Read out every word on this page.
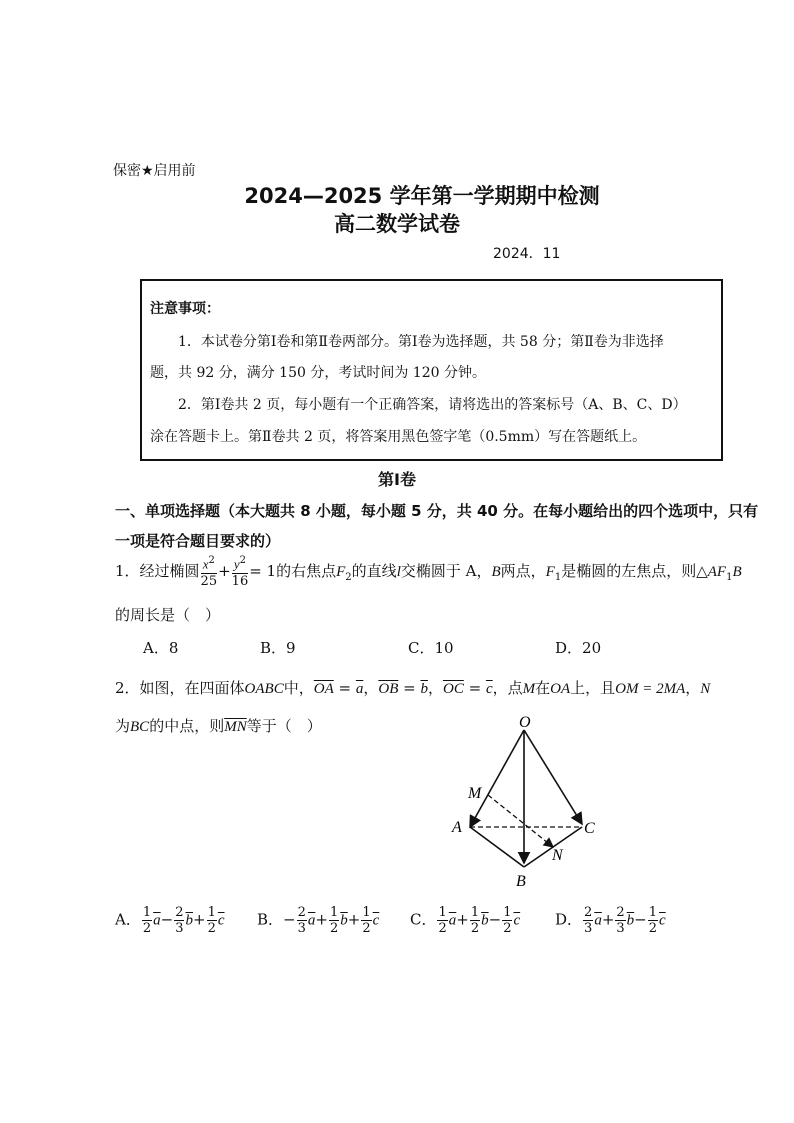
保密★启用前
2024—2025 学年第一学期期中检测
高二数学试卷
2024．11
注意事项：
1．本试卷分第Ⅰ卷和第Ⅱ卷两部分。第Ⅰ卷为选择题，共 58 分；第Ⅱ卷为非选择
题，共 92 分，满分 150 分，考试时间为 120 分钟。
2．第Ⅰ卷共 2 页，每小题有一个正确答案，请将选出的答案标号（A、B、C、D）
涂在答题卡上。第Ⅱ卷共 2 页，将答案用黑色签字笔（0.5mm）写在答题纸上。
第Ⅰ卷
一、单项选择题（本大题共 8 小题，每小题 5 分，共 40 分。在每小题给出的四个选项中，只有
一项是符合题目要求的）
1．经过椭圆 $\frac{x^2}{25} + \frac{y^2}{16} = 1$的右焦点$F_2$的直线l交椭圆于 A，B两点，$F_1$是椭圆的左焦点，则$\triangle AF_1B$
的周长是（　）
A．8	B．9	C．10	D．20
2．如图，在四面体OABC中，$\overline{OA} = \overline{a}$，$\overline{OB} = \overline{b}$，$\overline{OC} = \overline{c}$，点M在OA上，且OM = 2MA，N
为BC的中点，则$\overline{MN}$等于（　）	O
M
A	C
N
B
A． $\frac{1}{2} \overline{a}- \frac{2}{3} \overline{b}+ \frac{1}{2} \overline{c}$ B．− $\frac{2}{3} \overline{a}+ \frac{1}{2} \overline{b}+ \frac{1}{2} \overline{c}$ C． $\frac{1}{2} \overline{a}+ \frac{1}{2} \overline{b}- \frac{1}{2} \overline{c}$ D． $\frac{2}{3} \overline{a}+ \frac{2}{3} \overline{b}- \frac{1}{2} \overline{c}$
